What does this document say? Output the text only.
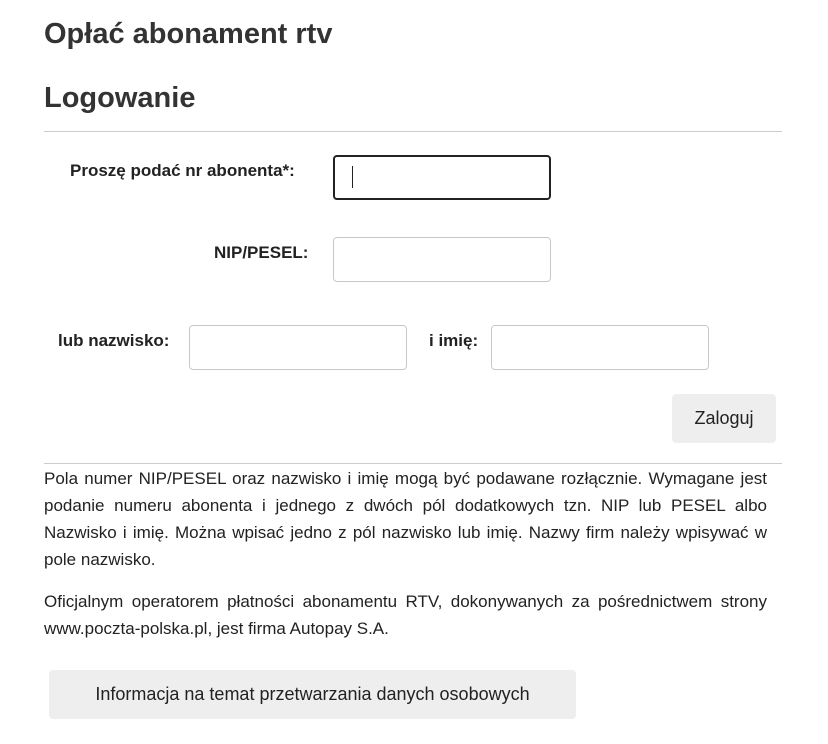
Opłać abonament rtv
Logowanie
Proszę podać nr abonenta*:
NIP/PESEL:
lub nazwisko:	i imię:
Zaloguj

Pola numer NIP/PESEL oraz nazwisko i imię mogą być podawane rozłącznie. Wymagane jest podanie numeru abonenta i jednego z dwóch pól dodatkowych tzn. NIP lub PESEL albo Nazwisko i imię. Można wpisać jedno z pól nazwisko lub imię. Nazwy firm należy wpisywać w pole nazwisko.

Oficjalnym operatorem płatności abonamentu RTV, dokonywanych za pośrednictwem strony www.poczta-polska.pl, jest firma Autopay S.A.

Informacja na temat przetwarzania danych osobowych
